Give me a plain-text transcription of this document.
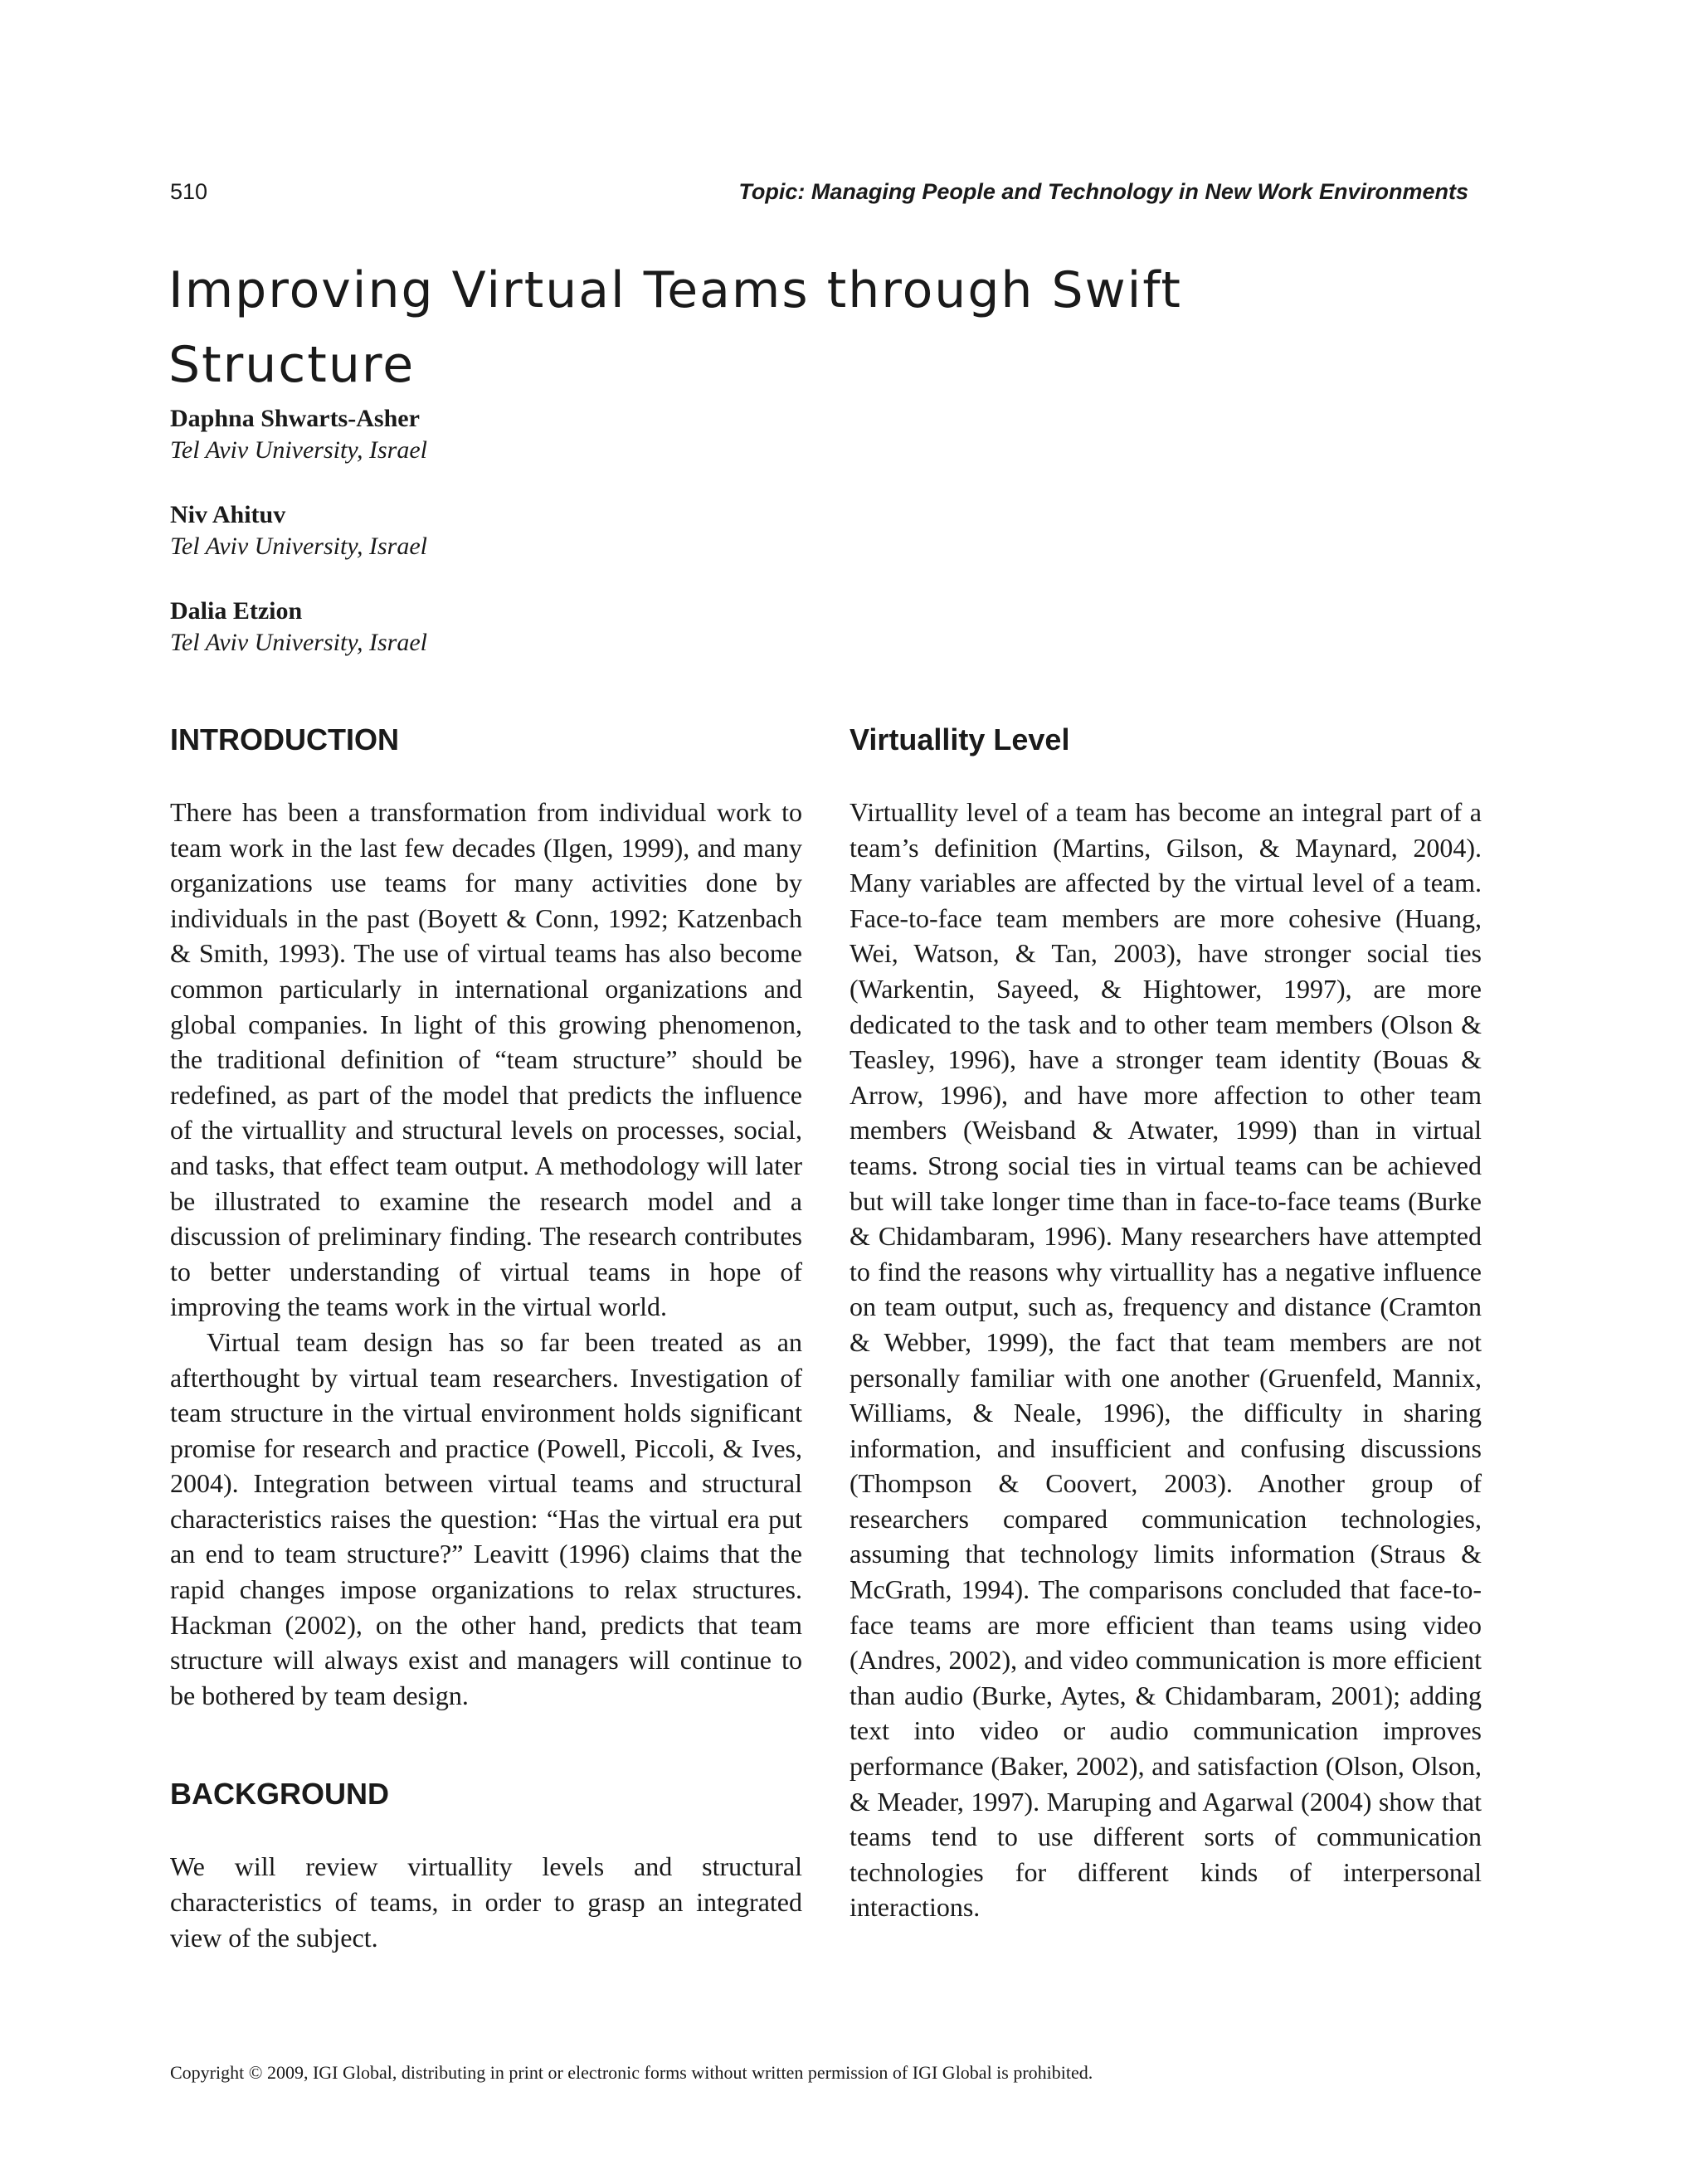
510	Topic: Managing People and Technology in New Work Environments
Improving Virtual Teams through Swift Structure
Daphna Shwarts-Asher
Tel Aviv University, Israel
Niv Ahituv
Tel Aviv University, Israel
Dalia Etzion
Tel Aviv University, Israel
INTRODUCTION

There has been a transformation from individual work to team work in the last few decades (Ilgen, 1999), and many organizations use teams for many activities done by individuals in the past (Boyett & Conn, 1992; Katzenbach & Smith, 1993). The use of virtual teams has also become common particularly in international organizations and global companies. In light of this growing phenomenon, the traditional definition of “team structure” should be redefined, as part of the model that predicts the influence of the virtuallity and structural levels on processes, social, and tasks, that effect team output. A methodology will later be illustrated to examine the research model and a discussion of preliminary finding. The research contributes to better understanding of virtual teams in hope of improving the teams work in the virtual world.

Virtual team design has so far been treated as an afterthought by virtual team researchers. Investigation of team structure in the virtual environment holds significant promise for research and practice (Powell, Piccoli, & Ives, 2004). Integration between virtual teams and structural characteristics raises the question: “Has the virtual era put an end to team structure?” Leavitt (1996) claims that the rapid changes impose organizations to relax structures. Hackman (2002), on the other hand, predicts that team structure will always exist and managers will continue to be bothered by team design.

BACKGROUND

We will review virtuallity levels and structural characteristics of teams, in order to grasp an integrated view of the subject.

Virtuallity Level

Virtuallity level of a team has become an integral part of a team’s definition (Martins, Gilson, & Maynard, 2004). Many variables are affected by the virtual level of a team. Face-to-face team members are more cohesive (Huang, Wei, Watson, & Tan, 2003), have stronger social ties (Warkentin, Sayeed, & Hightower, 1997), are more dedicated to the task and to other team members (Olson & Teasley, 1996), have a stronger team identity (Bouas & Arrow, 1996), and have more affection to other team members (Weisband & Atwater, 1999) than in virtual teams. Strong social ties in virtual teams can be achieved but will take longer time than in face-to-face teams (Burke & Chidambaram, 1996). Many researchers have attempted to find the reasons why virtuallity has a negative influence on team output, such as, frequency and distance (Cramton & Webber, 1999), the fact that team members are not personally familiar with one another (Gruenfeld, Mannix, Williams, & Neale, 1996), the difficulty in sharing information, and insufficient and confusing discussions (Thompson & Coovert, 2003). Another group of researchers compared communication technologies, assuming that technology limits information (Straus & McGrath, 1994). The comparisons concluded that face-to-face teams are more efficient than teams using video (Andres, 2002), and video communication is more efficient than audio (Burke, Aytes, & Chidambaram, 2001); adding text into video or audio communication improves performance (Baker, 2002), and satisfaction (Olson, Olson, & Meader, 1997). Maruping and Agarwal (2004) show that teams tend to use different sorts of communication technologies for different kinds of interpersonal interactions.

Copyright © 2009, IGI Global, distributing in print or electronic forms without written permission of IGI Global is prohibited.
